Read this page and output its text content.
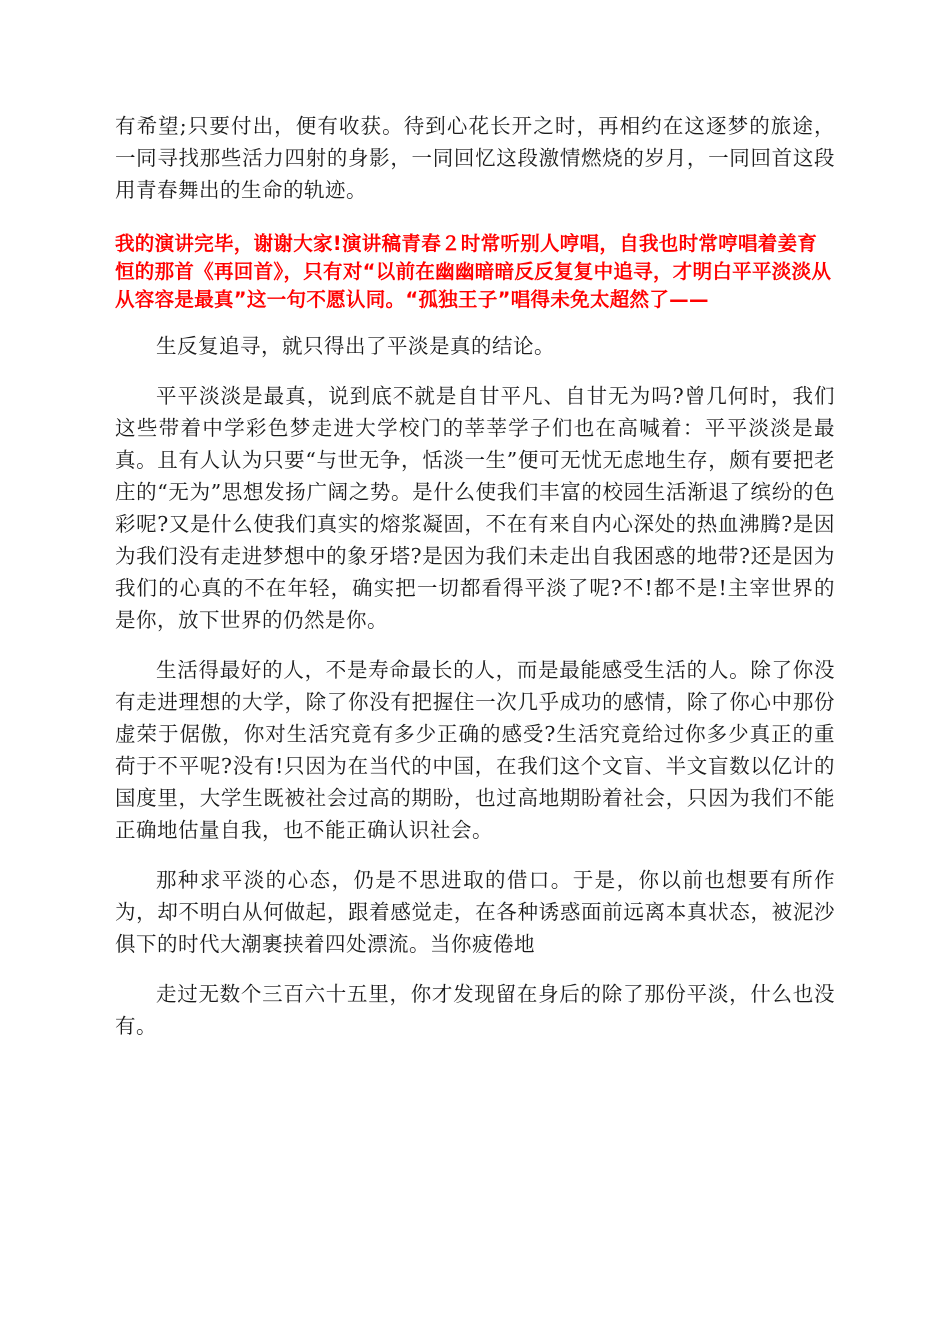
有希望;只要付出，便有收获。待到心花长开之时，再相约在这逐梦的旅途，一同寻找那些活力四射的身影，一同回忆这段激情燃烧的岁月，一同回首这段用青春舞出的生命的轨迹。

我的演讲完毕，谢谢大家!演讲稿青春２时常听别人哼唱，自我也时常哼唱着姜育恒的那首《再回首》，只有对“以前在幽幽暗暗反反复复中追寻，才明白平平淡淡从从容容是最真”这一句不愿认同。“孤独王子”唱得未免太超然了——

生反复追寻，就只得出了平淡是真的结论。

平平淡淡是最真，说到底不就是自甘平凡、自甘无为吗?曾几何时，我们这些带着中学彩色梦走进大学校门的莘莘学子们也在高喊着：平平淡淡是最真。且有人认为只要“与世无争，恬淡一生”便可无忧无虑地生存，颇有要把老庄的“无为”思想发扬广阔之势。是什么使我们丰富的校园生活渐退了缤纷的色彩呢?又是什么使我们真实的熔浆凝固，不在有来自内心深处的热血沸腾?是因为我们没有走进梦想中的象牙塔?是因为我们未走出自我困惑的地带?还是因为我们的心真的不在年轻，确实把一切都看得平淡了呢?不!都不是!主宰世界的是你，放下世界的仍然是你。

生活得最好的人，不是寿命最长的人，而是最能感受生活的人。除了你没有走进理想的大学，除了你没有把握住一次几乎成功的感情，除了你心中那份虚荣于倨傲，你对生活究竟有多少正确的感受?生活究竟给过你多少真正的重荷于不平呢?没有!只因为在当代的中国，在我们这个文盲、半文盲数以亿计的国度里，大学生既被社会过高的期盼，也过高地期盼着社会，只因为我们不能正确地估量自我，也不能正确认识社会。

那种求平淡的心态，仍是不思进取的借口。于是，你以前也想要有所作为，却不明白从何做起，跟着感觉走，在各种诱惑面前远离本真状态，被泥沙俱下的时代大潮裹挟着四处漂流。当你疲倦地

走过无数个三百六十五里，你才发现留在身后的除了那份平淡，什么也没有。
